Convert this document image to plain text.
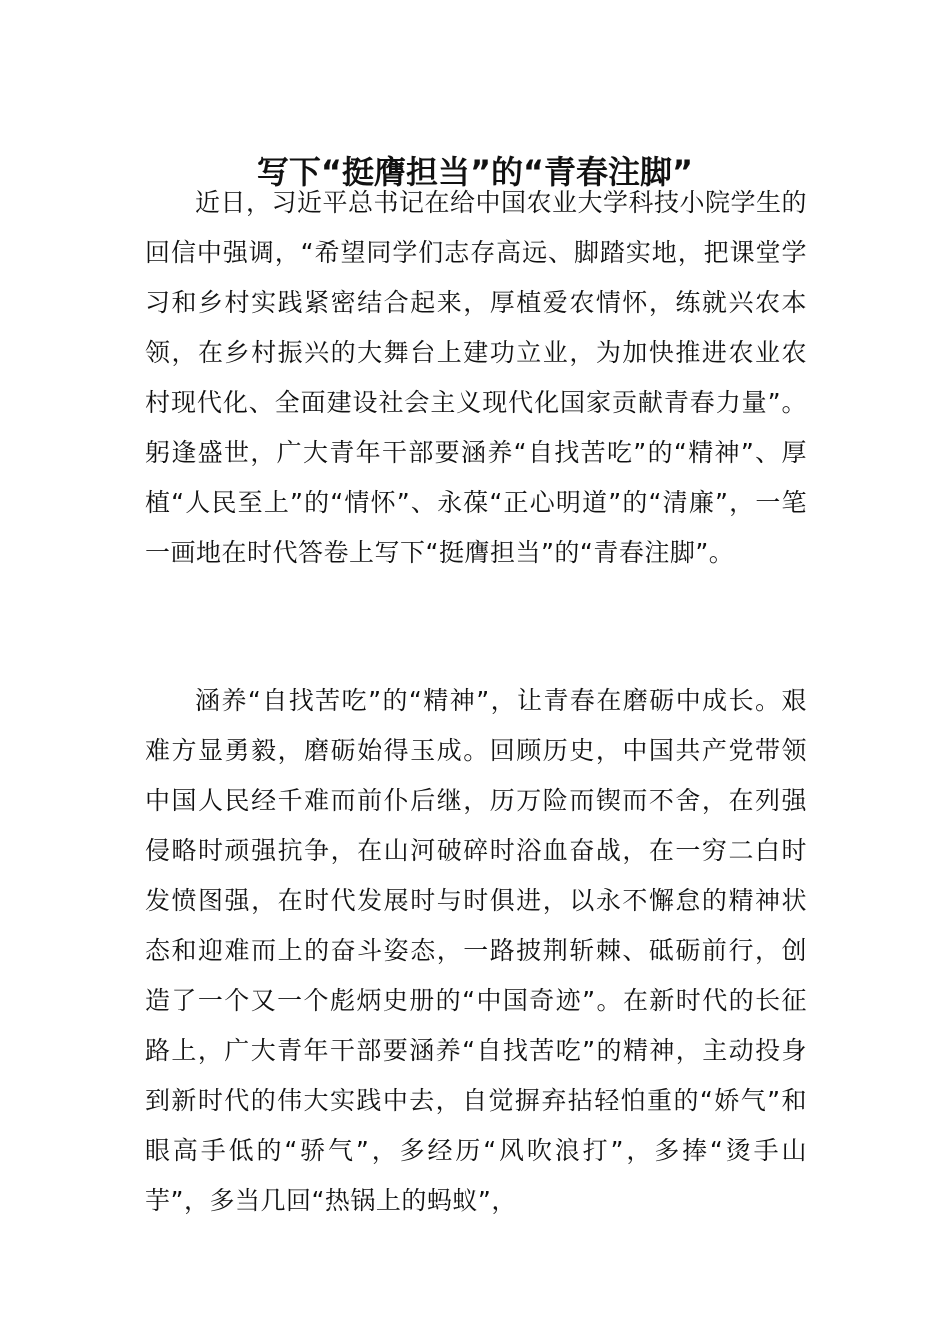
写下“挺膺担当”的“青春注脚”

近日，习近平总书记在给中国农业大学科技小院学生的回信中强调，“希望同学们志存高远、脚踏实地，把课堂学习和乡村实践紧密结合起来，厚植爱农情怀，练就兴农本领，在乡村振兴的大舞台上建功立业，为加快推进农业农村现代化、全面建设社会主义现代化国家贡献青春力量”。躬逢盛世，广大青年干部要涵养“自找苦吃”的“精神”、厚植“人民至上”的“情怀”、永葆“正心明道”的“清廉”，一笔一画地在时代答卷上写下“挺膺担当”的“青春注脚”。

涵养“自找苦吃”的“精神”，让青春在磨砺中成长。艰难方显勇毅，磨砺始得玉成。回顾历史，中国共产党带领中国人民经千难而前仆后继，历万险而锲而不舍，在列强侵略时顽强抗争，在山河破碎时浴血奋战，在一穷二白时发愤图强，在时代发展时与时俱进，以永不懈怠的精神状态和迎难而上的奋斗姿态，一路披荆斩棘、砥砺前行，创造了一个又一个彪炳史册的“中国奇迹”。在新时代的长征路上，广大青年干部要涵养“自找苦吃”的精神，主动投身到新时代的伟大实践中去，自觉摒弃拈轻怕重的“娇气”和眼高手低的“骄气”，多经历“风吹浪打”，多捧“烫手山芋”，多当几回“热锅上的蚂蚁”，
